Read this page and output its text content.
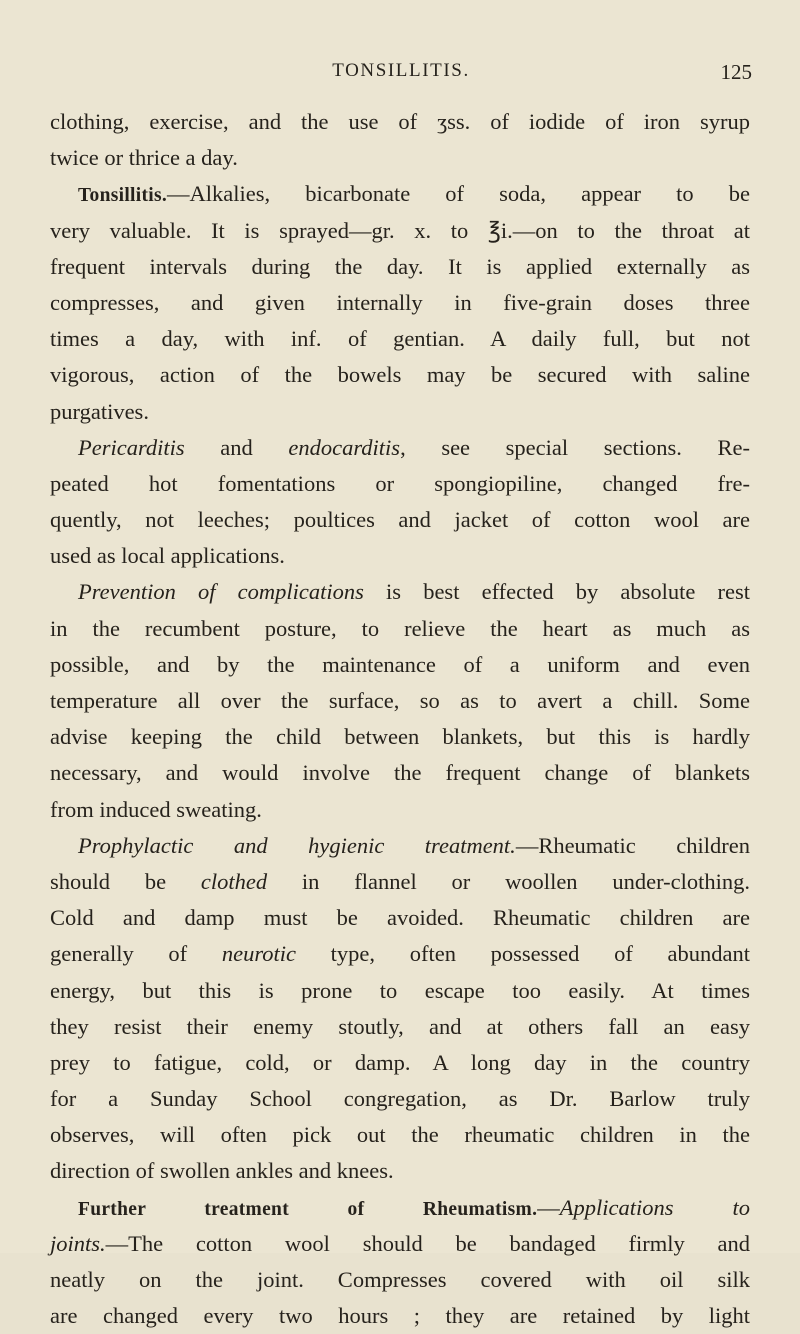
TONSILLITIS.	125
clothing, exercise, and the use of ʒss. of iodide of iron syrup
twice or thrice a day.
Tonsillitis.—Alkalies, bicarbonate of soda, appear to be
very valuable. It is sprayed—gr. x. to ℥i.—on to the throat at
frequent intervals during the day. It is applied externally as
compresses, and given internally in five-grain doses three
times a day, with inf. of gentian. A daily full, but not
vigorous, action of the bowels may be secured with saline
purgatives.
Pericarditis and endocarditis, see special sections. Re-
peated hot fomentations or spongiopiline, changed fre-
quently, not leeches; poultices and jacket of cotton wool are
used as local applications.
Prevention of complications is best effected by absolute rest
in the recumbent posture, to relieve the heart as much as
possible, and by the maintenance of a uniform and even
temperature all over the surface, so as to avert a chill. Some
advise keeping the child between blankets, but this is hardly
necessary, and would involve the frequent change of blankets
from induced sweating.
Prophylactic and hygienic treatment.—Rheumatic children
should be clothed in flannel or woollen under-clothing.
Cold and damp must be avoided. Rheumatic children are
generally of neurotic type, often possessed of abundant
energy, but this is prone to escape too easily. At times
they resist their enemy stoutly, and at others fall an easy
prey to fatigue, cold, or damp. A long day in the country
for a Sunday School congregation, as Dr. Barlow truly
observes, will often pick out the rheumatic children in the
direction of swollen ankles and knees.
Further treatment of Rheumatism.—Applications to
joints.—The cotton wool should be bandaged firmly and
neatly on the joint. Compresses covered with oil silk
are changed every two hours ; they are retained by light
